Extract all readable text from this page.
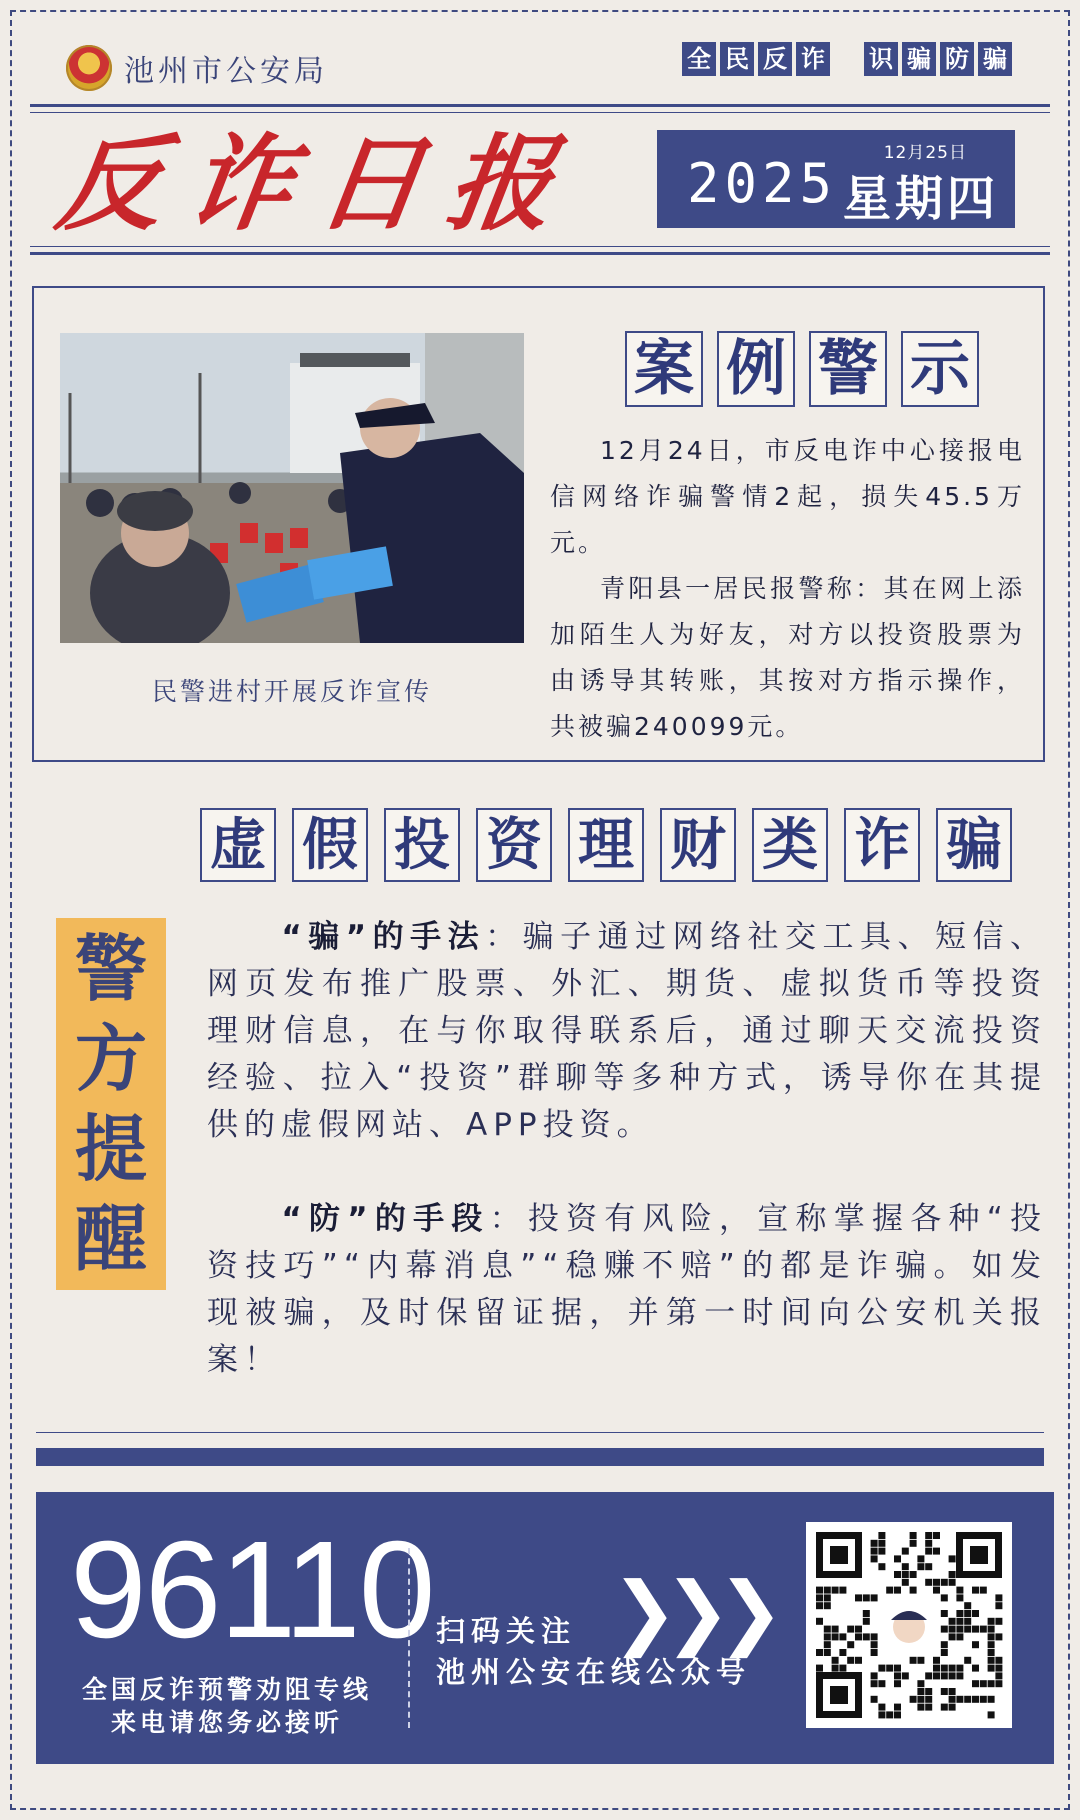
池州市公安局	全 民 反 诈 识 骗 防 骗
反 诈 日 报	12月25日
2025 星期四
民警进村开展反诈宣传
案 例 警 示

12月24日，市反电诈中心接报电信网络诈骗警情2起，损失45.5万元。

青阳县一居民报警称：其在网上添加陌生人为好友，对方以投资股票为由诱导其转账，其按对方指示操作，共被骗240099元。

虚 假 投 资 理 财 类 诈 骗
警
方
提
醒

“骗”的手法：骗子通过网络社交工具、短信、网页发布推广股票、外汇、期货、虚拟货币等投资理财信息，在与你取得联系后，通过聊天交流投资经验、拉入“投资”群聊等多种方式，诱导你在其提供的虚假网站、APP投资。

“防”的手段：投资有风险，宣称掌握各种“投资技巧”“内幕消息”“稳赚不赔”的都是诈骗。如发现被骗，及时保留证据，并第一时间向公安机关报案！

96110
全国反诈预警劝阻专线
来电请您务必接听
扫码关注
池州公安在线公众号
❯
❯
❯
